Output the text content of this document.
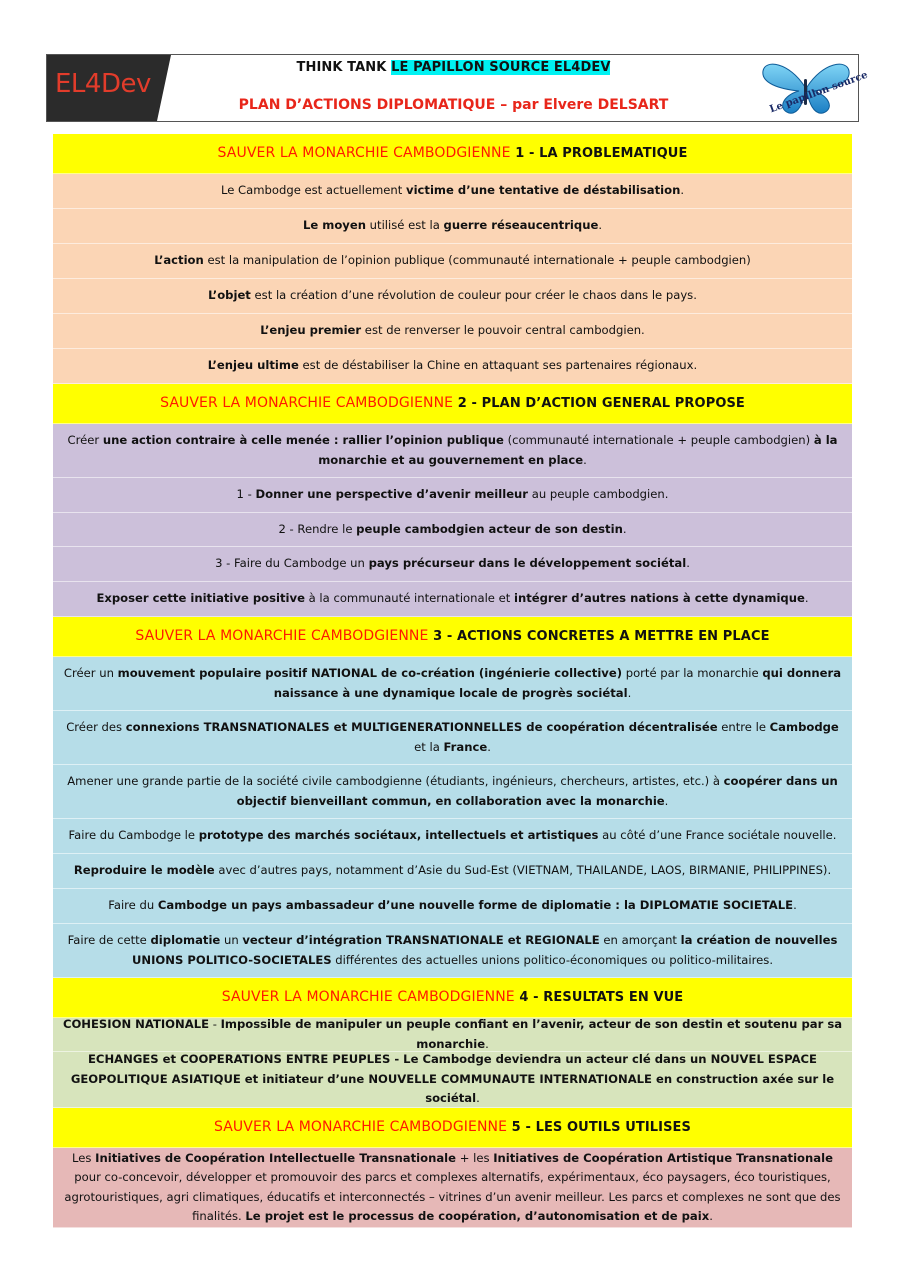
EL4Dev
THINK TANK LE PAPILLON SOURCE EL4DEV
PLAN D’ACTIONS DIPLOMATIQUE – par Elvere DELSART	Le papillon source
SAUVER LA MONARCHIE CAMBODGIENNE
1 - LA PROBLEMATIQUE
Le Cambodge est actuellement victime d’une tentative de déstabilisation.
Le moyen utilisé est la guerre réseaucentrique.
L’action est la manipulation de l’opinion publique (communauté internationale + peuple cambodgien)
L’objet est la création d’une révolution de couleur pour créer le chaos dans le pays.
L’enjeu premier est de renverser le pouvoir central cambodgien.
L’enjeu ultime est de déstabiliser la Chine en attaquant ses partenaires régionaux.
SAUVER LA MONARCHIE CAMBODGIENNE
2 - PLAN D’ACTION GENERAL PROPOSE
Créer une action contraire à celle menée : rallier l’opinion publique (communauté internationale + peuple cambodgien) à la monarchie et au gouvernement en place.
1 - Donner une perspective d’avenir meilleur au peuple cambodgien.
2 - Rendre le peuple cambodgien acteur de son destin.
3 - Faire du Cambodge un pays précurseur dans le développement sociétal.
Exposer cette initiative positive à la communauté internationale et intégrer d’autres nations à cette dynamique.
SAUVER LA MONARCHIE CAMBODGIENNE
3 - ACTIONS CONCRETES A METTRE EN PLACE
Créer un mouvement populaire positif NATIONAL de co-création (ingénierie collective) porté par la monarchie qui donnera naissance à une dynamique locale de progrès sociétal.
Créer des connexions TRANSNATIONALES et MULTIGENERATIONNELLES de coopération décentralisée entre le Cambodge et la France.
Amener une grande partie de la société civile cambodgienne (étudiants, ingénieurs, chercheurs, artistes, etc.) à coopérer dans un objectif bienveillant commun, en collaboration avec la monarchie.
Faire du Cambodge le prototype des marchés sociétaux, intellectuels et artistiques au côté d’une France sociétale nouvelle.
Reproduire le modèle avec d’autres pays, notamment d’Asie du Sud-Est (VIETNAM, THAILANDE, LAOS, BIRMANIE, PHILIPPINES).
Faire du Cambodge un pays ambassadeur d’une nouvelle forme de diplomatie : la DIPLOMATIE SOCIETALE.
Faire de cette diplomatie un vecteur d’intégration TRANSNATIONALE et REGIONALE en amorçant la création de nouvelles UNIONS POLITICO-SOCIETALES différentes des actuelles unions politico-économiques ou politico-militaires.
SAUVER LA MONARCHIE CAMBODGIENNE
4 - RESULTATS EN VUE
COHESION NATIONALE - Impossible de manipuler un peuple confiant en l’avenir, acteur de son destin et soutenu par sa monarchie.
ECHANGES et COOPERATIONS ENTRE PEUPLES - Le Cambodge deviendra un acteur clé dans un NOUVEL ESPACE GEOPOLITIQUE ASIATIQUE et initiateur d’une NOUVELLE COMMUNAUTE INTERNATIONALE en construction axée sur le sociétal.
SAUVER LA MONARCHIE CAMBODGIENNE
5 - LES OUTILS UTILISES
Les Initiatives de Coopération Intellectuelle Transnationale + les Initiatives de Coopération Artistique Transnationale pour co-concevoir, développer et promouvoir des parcs et complexes alternatifs, expérimentaux, éco paysagers, éco touristiques, agrotouristiques, agri climatiques, éducatifs et interconnectés – vitrines d’un avenir meilleur. Les parcs et complexes ne sont que des finalités. Le projet est le processus de coopération, d’autonomisation et de paix.
